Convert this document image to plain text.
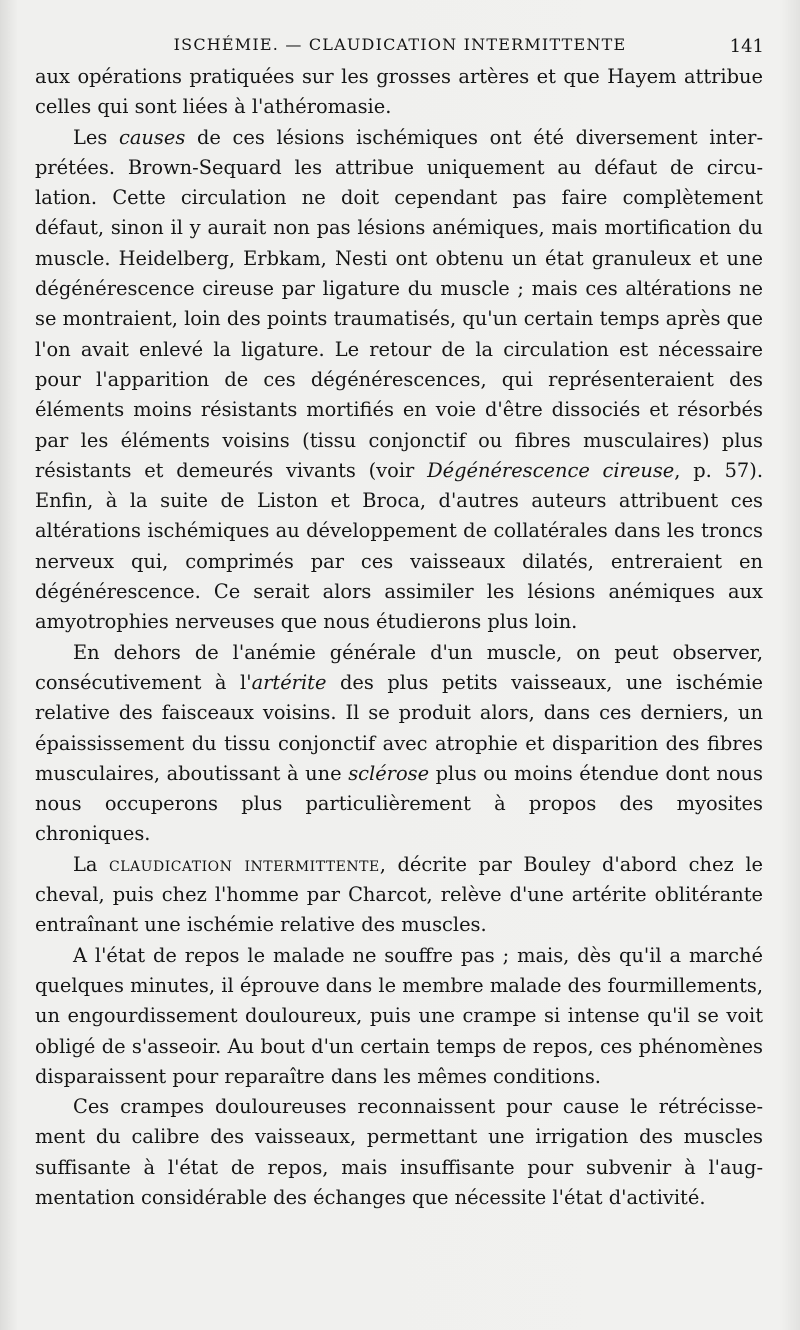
ISCHÉMIE. — CLAUDICATION INTERMITTENTE	141

aux opérations pratiquées sur les grosses artères et que Hayem attribue celles qui sont liées à l'athéromasie.

Les causes de ces lésions ischémiques ont été diversement interprétées. Brown-Sequard les attribue uniquement au défaut de circulation. Cette circulation ne doit cependant pas faire complètement défaut, sinon il y aurait non pas lésions anémiques, mais mortification du muscle. Heidelberg, Erbkam, Nesti ont obtenu un état granuleux et une dégénérescence cireuse par ligature du muscle ; mais ces altérations ne se montraient, loin des points traumatisés, qu'un certain temps après que l'on avait enlevé la ligature. Le retour de la circulation est nécessaire pour l'apparition de ces dégénérescences, qui représenteraient des éléments moins résistants mortifiés en voie d'être dissociés et résorbés par les éléments voisins (tissu conjonctif ou fibres musculaires) plus résistants et demeurés vivants (voir Dégénérescence cireuse, p. 57). Enfin, à la suite de Liston et Broca, d'autres auteurs attribuent ces altérations ischémiques au développement de collatérales dans les troncs nerveux qui, comprimés par ces vaisseaux dilatés, entreraient en dégénérescence. Ce serait alors assimiler les lésions anémiques aux amyotrophies nerveuses que nous étudierons plus loin.

En dehors de l'anémie générale d'un muscle, on peut observer, consécutivement à l'artérite des plus petits vaisseaux, une ischémie relative des faisceaux voisins. Il se produit alors, dans ces derniers, un épaississement du tissu conjonctif avec atrophie et disparition des fibres musculaires, aboutissant à une sclérose plus ou moins étendue dont nous nous occuperons plus particulièrement à propos des myosites chroniques.

La claudication intermittente, décrite par Bouley d'abord chez le cheval, puis chez l'homme par Charcot, relève d'une artérite oblitérante entraînant une ischémie relative des muscles.

A l'état de repos le malade ne souffre pas ; mais, dès qu'il a marché quelques minutes, il éprouve dans le membre malade des fourmillements, un engourdissement douloureux, puis une crampe si intense qu'il se voit obligé de s'asseoir. Au bout d'un certain temps de repos, ces phénomènes disparaissent pour reparaître dans les mêmes conditions.

Ces crampes douloureuses reconnaissent pour cause le rétrécissement du calibre des vaisseaux, permettant une irrigation des muscles suffisante à l'état de repos, mais insuffisante pour subvenir à l'augmentation considérable des échanges que nécessite l'état d'activité.
